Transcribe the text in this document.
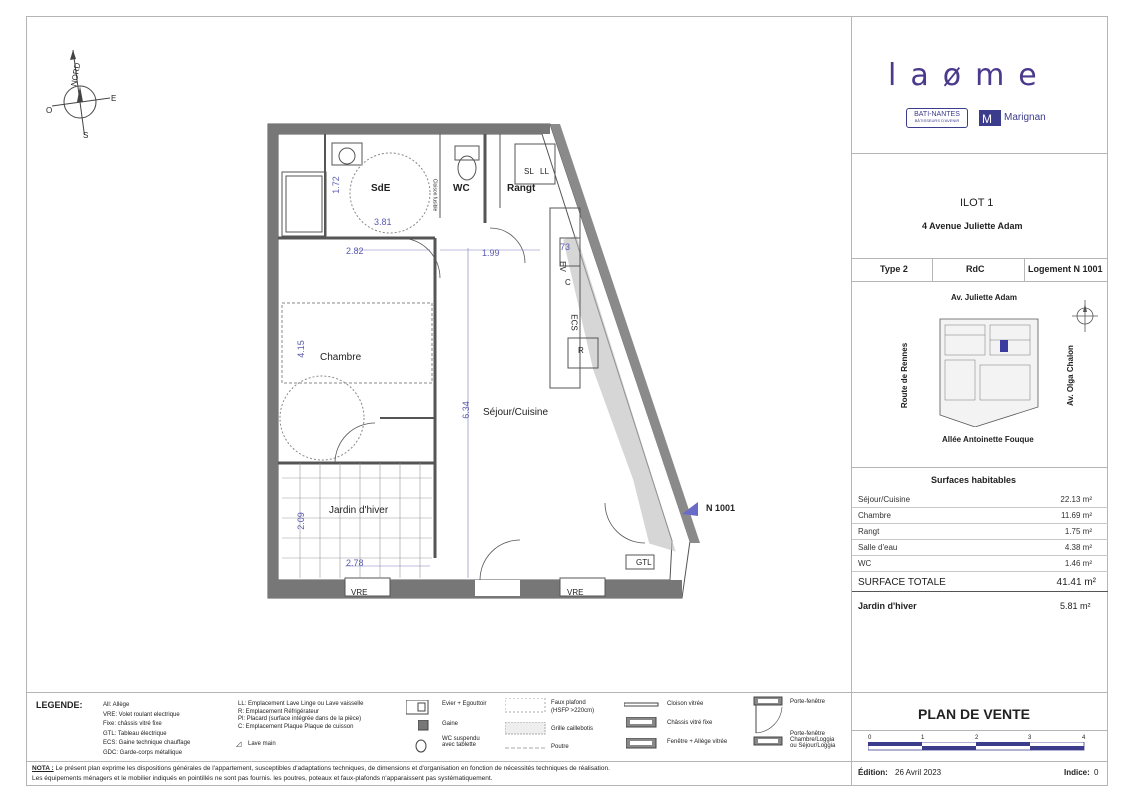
NORD
E
S
O
SdE	WC	Rangt
Chambre
Séjour/Cuisine
Jardin d'hiver
1.72
3.81
2.82	1.99
73
4.15
6.34
2.09
2.78
SL LL
EV
C
ECS
R
GTL
VRE	VRE
Cloison fusible
N 1001
laøme
BATI-NANTES
BÂTISSEURS D'AVENIR	M Marignan
ILOT 1
4 Avenue Juliette Adam
Type 2	RdC	Logement N 1001
Av. Juliette Adam
Route de Rennes	Av. Olga Chalon
Allée Antoinette Fouque
Surfaces habitables
Séjour/Cuisine	22.13 m²
Chambre	11.69 m²
Rangt	1.75 m²
Salle d'eau	4.38 m²
WC	1.46 m²
SURFACE TOTALE	41.41 m²
Jardin d'hiver	5.81 m²
PLAN DE VENTE
0	1	2	3	4
Édition: 26 Avril 2023	Indice: 0
LEGENDE:	All: Allège
VRE: Volet roulant electrique
Fixe: châssis vitré fixe
GTL: Tableau électrique
ECS: Gaine technique chauffage
GDC: Garde-corps métallique
LL: Emplacement Lave Linge ou Lave vaisselle
R: Emplacement Réfrigérateur
Pl: Placard (surface intégrée dans de la pièce)
C: Emplacement Plaque Plaque de cuisson
◿ Lave main
Evier + Egouttoir
Gaine
WC suspendu
avec tablette
Faux plafond
(HSFP >220cm)
Grille caillebotis
Poutre
Cloison vitrée
Châssis vitré fixe
Fenêtre + Allège vitrée
Porte-fenêtre
Porte-fenêtre
Chambre/Loggia
ou Séjour/Loggia
NOTA : Le présent plan exprime les dispositions générales de l'appartement, susceptibles d'adaptations techniques, de dimensions et d'organisation en fonction de nécessités techniques de réalisation.
Les équipements ménagers et le mobilier indiqués en pointillés ne sont pas fournis. les poutres, poteaux et faux-plafonds n'apparaissent pas systématiquement.
